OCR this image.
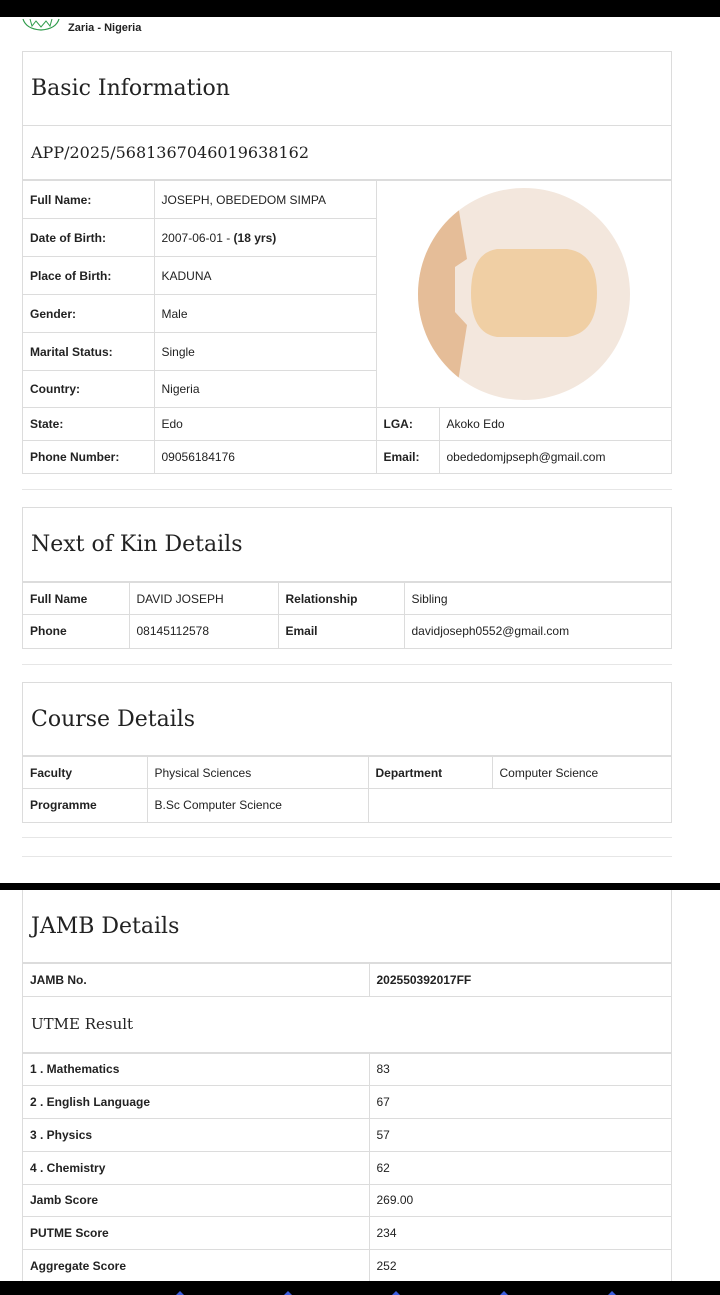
Zaria - Nigeria
Basic Information
APP/2025/5681367046019638162
Full Name:	JOSEPH, OBEDEDOM SIMPA	

Date of Birth:	2007-06-01 - (18 yrs)		
Place of Birth:	KADUNA		
Gender:	Male		
Marital Status:	Single		
Country:	Nigeria		
State:	Edo	LGA:	Akoko Edo
Phone Number:	09056184176	Email:	obededomjpseph@gmail.com
Next of Kin Details
Full Name	DAVID JOSEPH	Relationship	Sibling
Phone	08145112578	Email	davidjoseph0552@gmail.com
Course Details
Faculty	Physical Sciences	Department	Computer Science
Programme	B.Sc Computer Science		
JAMB Details
JAMB No.	202550392017FF
UTME Result
1 . Mathematics	83
2 . English Language	67
3 . Physics	57
4 . Chemistry	62
Jamb Score	269.00
PUTME Score	234
Aggregate Score	252
